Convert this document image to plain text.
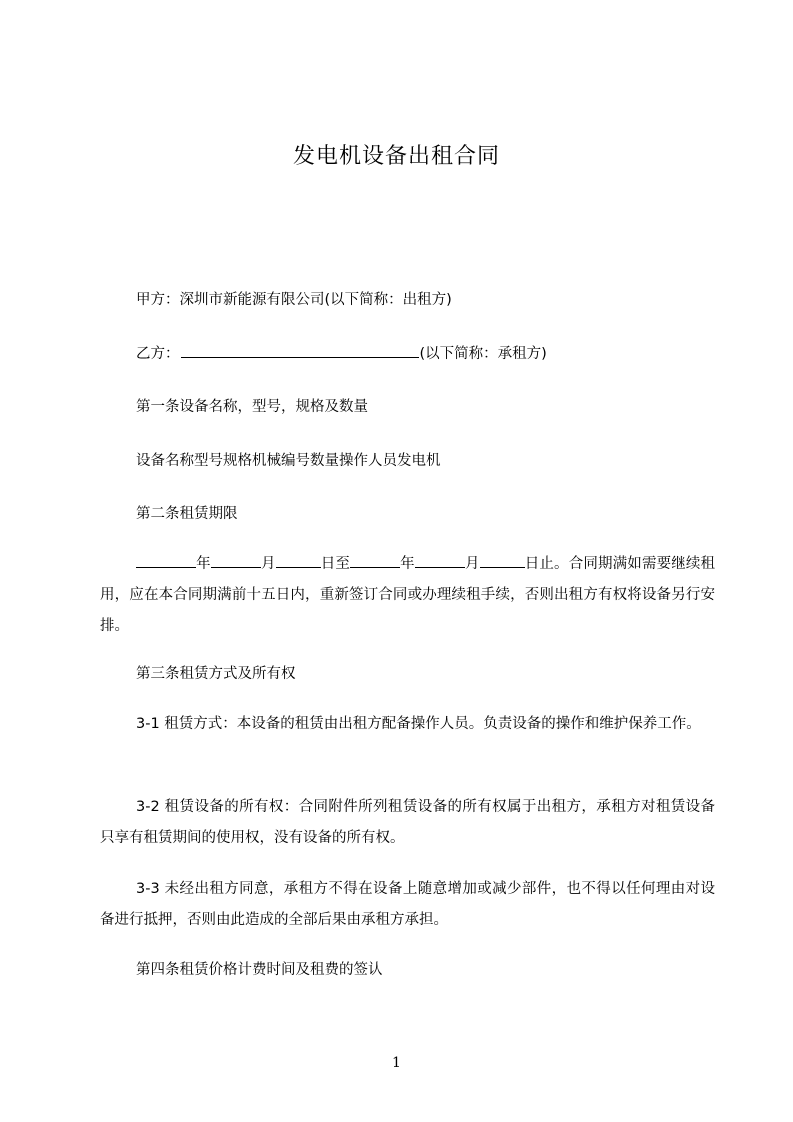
发电机设备出租合同
甲方：深圳市新能源有限公司(以下简称：出租方)
乙方：	(以下简称：承租方)
第一条设备名称，型号，规格及数量
设备名称型号规格机械编号数量操作人员发电机
第二条租赁期限
年	月	日至	年	月	日止。合同期满如需要继续租用，应在本合同期满前十五日内，重新签订合同或办理续租手续，否则出租方有权将设备另行安排。
第三条租赁方式及所有权
3-1 租赁方式：本设备的租赁由出租方配备操作人员。负责设备的操作和维护保养工作。
3-2 租赁设备的所有权：合同附件所列租赁设备的所有权属于出租方，承租方对租赁设备只享有租赁期间的使用权，没有设备的所有权。
3-3 未经出租方同意，承租方不得在设备上随意增加或减少部件，也不得以任何理由对设备进行抵押，否则由此造成的全部后果由承租方承担。
第四条租赁价格计费时间及租费的签认
1
